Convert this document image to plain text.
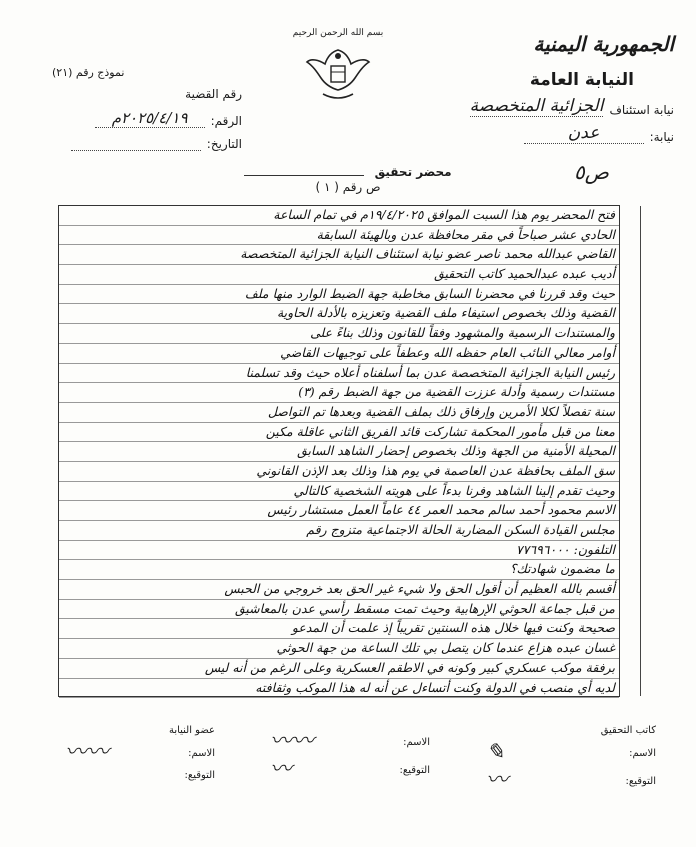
الجمهورية اليمنية
النيابة العامة
نيابة استئناف
الجزائية المتخصصة
نيابة:
عدن
بسم الله الرحمن الرحيم
نموذج رقم (٢١)
رقم القضية
الرقم:
٢٠٢٥/٤/١٩م
التاريخ:
محضر تحقيق
ص رقم ( ١ )
ص٥
فتح المحضر يوم هذا السبت الموافق ١٩/٤/٢٠٢٥م في تمام الساعة
الحادي عشر صباحاً في مقر محافظة عدن وبالهيئة السابقة
القاضي عبدالله محمد ناصر عضو نيابة استئناف النيابة الجزائية المتخصصة
أديب عبده عبدالحميد كاتب التحقيق
حيث وقد قررنا في محضرنا السابق مخاطبة جهة الضبط الوارد منها ملف
القضية وذلك بخصوص استيفاء ملف القضية وتعزيزه بالأدلة الحاوية
والمستندات الرسمية والمشهود وفقاً للقانون وذلك بناءً على
أوامر معالي النائب العام حفظه الله وعطفاً على توجيهات القاضي
رئيس النيابة الجزائية المتخصصة عدن بما أسلفناه أعلاه حيث وقد تسلمنا
مستندات رسمية وأدلة عززت القضية من جهة الضبط رقم (٣)
سنة تفصلاً لكلا الأمرين وإرفاق ذلك بملف القضية وبعدها تم التواصل
معنا من قبل مأمور المحكمة تشاركت قائد الفريق الثاني عاقلة مكين
المحيلة الأمنية من الجهة وذلك بخصوص إحضار الشاهد السابق
سق الملف بحافظة عدن العاصمة في يوم هذا وذلك بعد الإذن القانوني
وحيث تقدم إلينا الشاهد وفرنا بدءاً على هويته الشخصية كالتالي
الاسم محمود أحمد سالم محمد العمر ٤٤ عاماً العمل مستشار رئيس
مجلس القيادة السكن المضاربة الحالة الاجتماعية متزوج رقم
التلفون: ٧٧٦٩٦٠٠٠
ما مضمون شهادتك؟
أقسم بالله العظيم أن أقول الحق ولا شيء غير الحق بعد خروجي من الحبس
من قبل جماعة الحوثي الإرهابية وحيث تمت مسقط رأسي عدن بالمعاشيق
صحيحة وكنت فيها خلال هذه السنتين تقريباً إذ علمت أن المدعو
غسان عبده هزاع عندما كان يتصل بي تلك الساعة من جهة الحوثي
برفقة موكب عسكري كبير وكونه في الاطقم العسكرية وعلى الرغم من أنه ليس
لديه أي منصب في الدولة وكنت أتساءل عن أنه له هذا الموكب وثقافته
كاتب التحقيق
الاسم:
✎
التوقيع:
〰
الاسم:
〰〰
التوقيع:
〰
عضو النيابة
الاسم:
〰〰
التوقيع:
